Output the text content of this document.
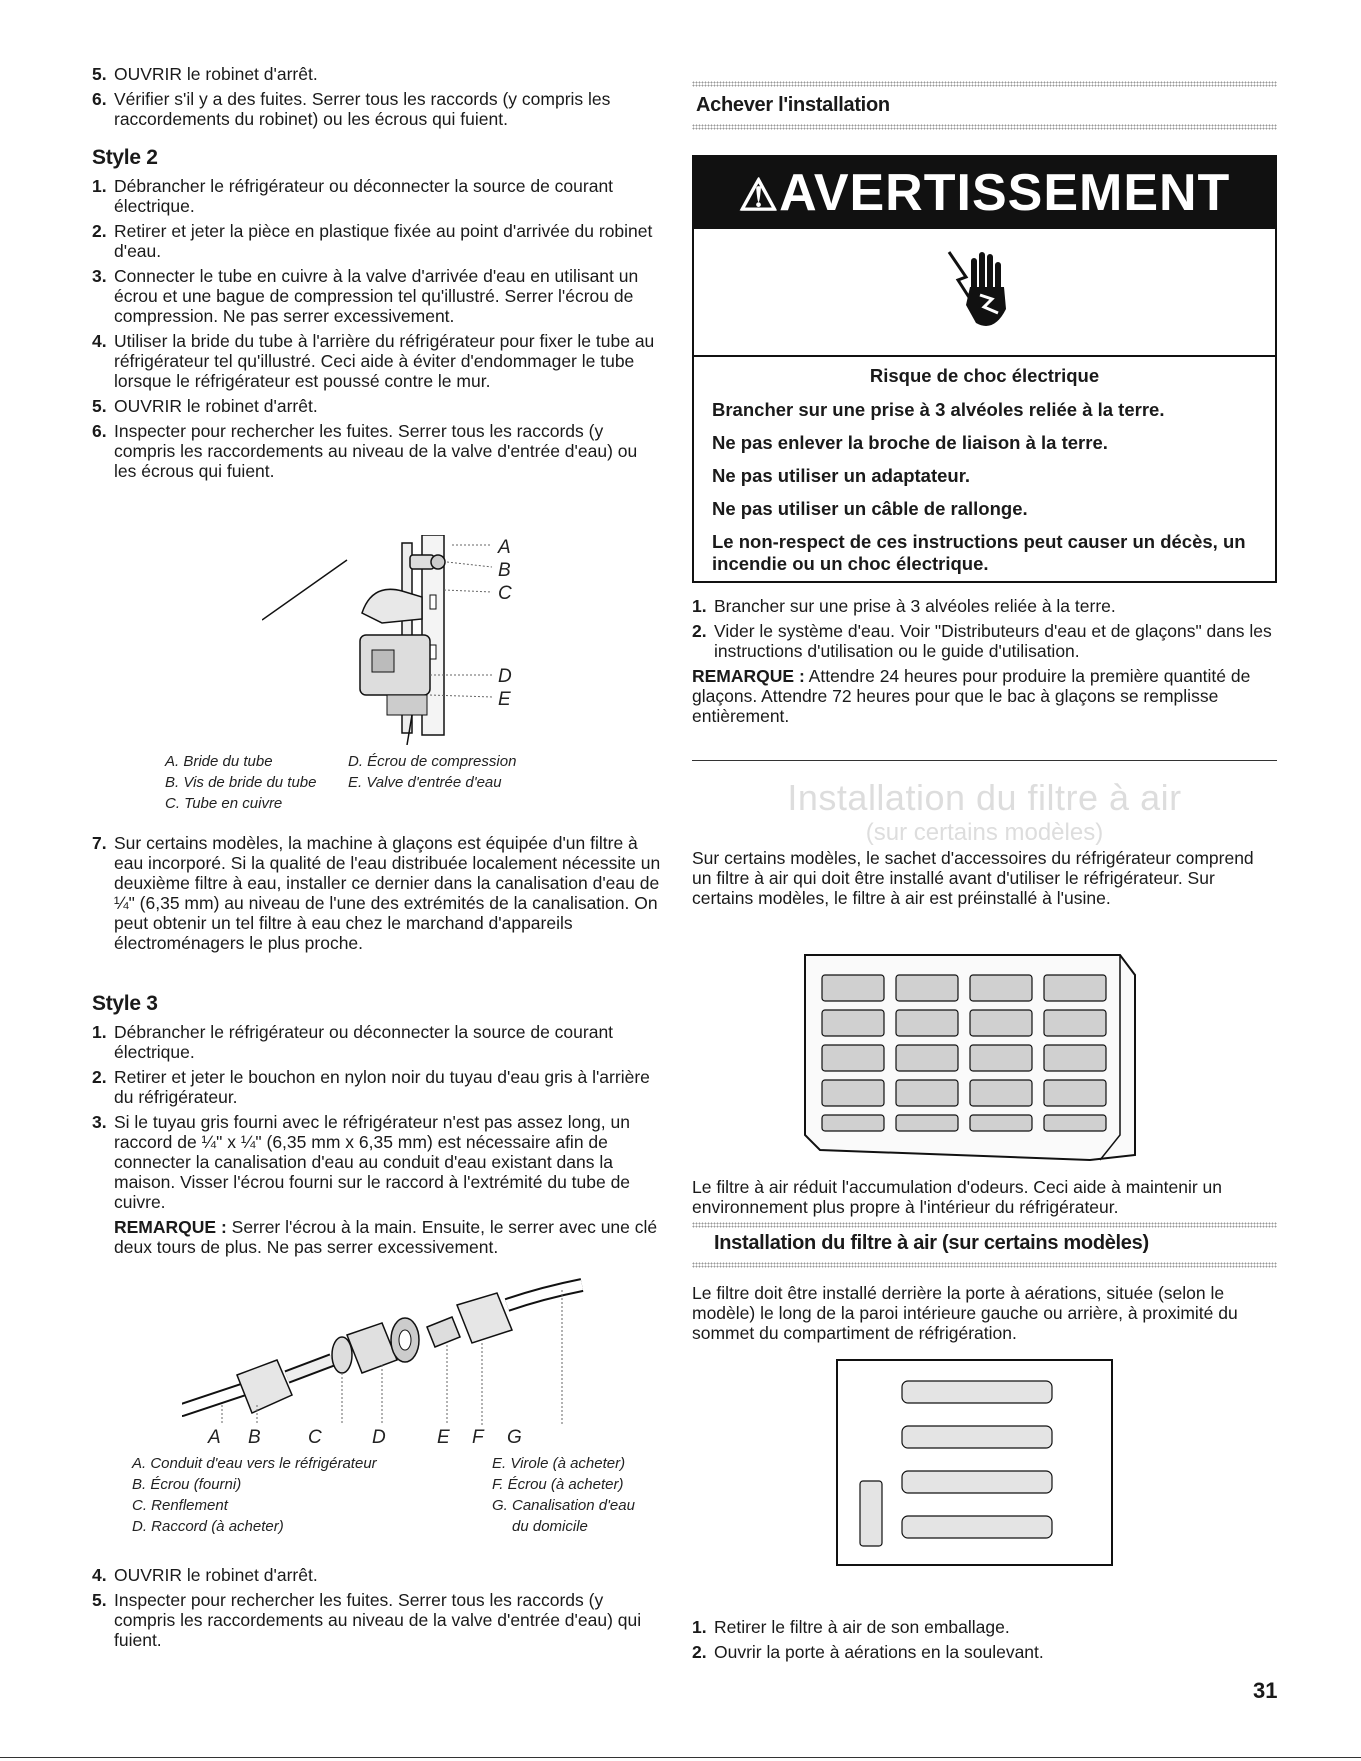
5. OUVRIR le robinet d'arrêt.
6. Vérifier s'il y a des fuites. Serrer tous les raccords (y compris les raccordements du robinet) ou les écrous qui fuient.
Style 2
1. Débrancher le réfrigérateur ou déconnecter la source de courant électrique.
2. Retirer et jeter la pièce en plastique fixée au point d'arrivée du robinet d'eau.
3. Connecter le tube en cuivre à la valve d'arrivée d'eau en utilisant un écrou et une bague de compression tel qu'illustré. Serrer l'écrou de compression. Ne pas serrer excessivement.
4. Utiliser la bride du tube à l'arrière du réfrigérateur pour fixer le tube au réfrigérateur tel qu'illustré. Ceci aide à éviter d'endommager le tube lorsque le réfrigérateur est poussé contre le mur.
5. OUVRIR le robinet d'arrêt.
6. Inspecter pour rechercher les fuites. Serrer tous les raccords (y compris les raccordements au niveau de la valve d'entrée d'eau) ou les écrous qui fuient.
A
B
C
D
E
A. Bride du tube
B. Vis de bride du tube
C. Tube en cuivre
D. Écrou de compression
E. Valve d'entrée d'eau
7. Sur certains modèles, la machine à glaçons est équipée d'un filtre à eau incorporé. Si la qualité de l'eau distribuée localement nécessite un deuxième filtre à eau, installer ce dernier dans la canalisation d'eau de ¼" (6,35 mm) au niveau de l'une des extrémités de la canalisation. On peut obtenir un tel filtre à eau chez le marchand d'appareils électroménagers le plus proche.
Style 3
1. Débrancher le réfrigérateur ou déconnecter la source de courant électrique.
2. Retirer et jeter le bouchon en nylon noir du tuyau d'eau gris à l'arrière du réfrigérateur.
3. Si le tuyau gris fourni avec le réfrigérateur n'est pas assez long, un raccord de ¼" x ¼" (6,35 mm x 6,35 mm) est nécessaire afin de connecter la canalisation d'eau au conduit d'eau existant dans la maison. Visser l'écrou fourni sur le raccord à l'extrémité du tube de cuivre.

REMARQUE : Serrer l'écrou à la main. Ensuite, le serrer avec une clé deux tours de plus. Ne pas serrer excessivement.

A B C	D	E F G
A. Conduit d'eau vers le réfrigérateur
B. Écrou (fourni)
C. Renflement
D. Raccord (à acheter)
E. Virole (à acheter)
F. Écrou (à acheter)
G. Canalisation d'eau
du domicile
4. OUVRIR le robinet d'arrêt.
5. Inspecter pour rechercher les fuites. Serrer tous les raccords (y compris les raccordements au niveau de la valve d'entrée d'eau) qui fuient.
Achever l'installation
⚠AVERTISSEMENT

Risque de choc électrique

Brancher sur une prise à 3 alvéoles reliée à la terre.

Ne pas enlever la broche de liaison à la terre.

Ne pas utiliser un adaptateur.

Ne pas utiliser un câble de rallonge.

Le non-respect de ces instructions peut causer un décès, un incendie ou un choc électrique.

1. Brancher sur une prise à 3 alvéoles reliée à la terre.
2. Vider le système d'eau. Voir "Distributeurs d'eau et de glaçons" dans les instructions d'utilisation ou le guide d'utilisation.

REMARQUE : Attendre 24 heures pour produire la première quantité de glaçons. Attendre 72 heures pour que le bac à glaçons se remplisse entièrement.

Installation du filtre à air
(sur certains modèles)

Sur certains modèles, le sachet d'accessoires du réfrigérateur comprend un filtre à air qui doit être installé avant d'utiliser le réfrigérateur. Sur certains modèles, le filtre à air est préinstallé à l'usine.

Le filtre à air réduit l'accumulation d'odeurs. Ceci aide à maintenir un environnement plus propre à l'intérieur du réfrigérateur.

Installation du filtre à air (sur certains modèles)

Le filtre doit être installé derrière la porte à aérations, située (selon le modèle) le long de la paroi intérieure gauche ou arrière, à proximité du sommet du compartiment de réfrigération.

1. Retirer le filtre à air de son emballage.
2. Ouvrir la porte à aérations en la soulevant.
31
